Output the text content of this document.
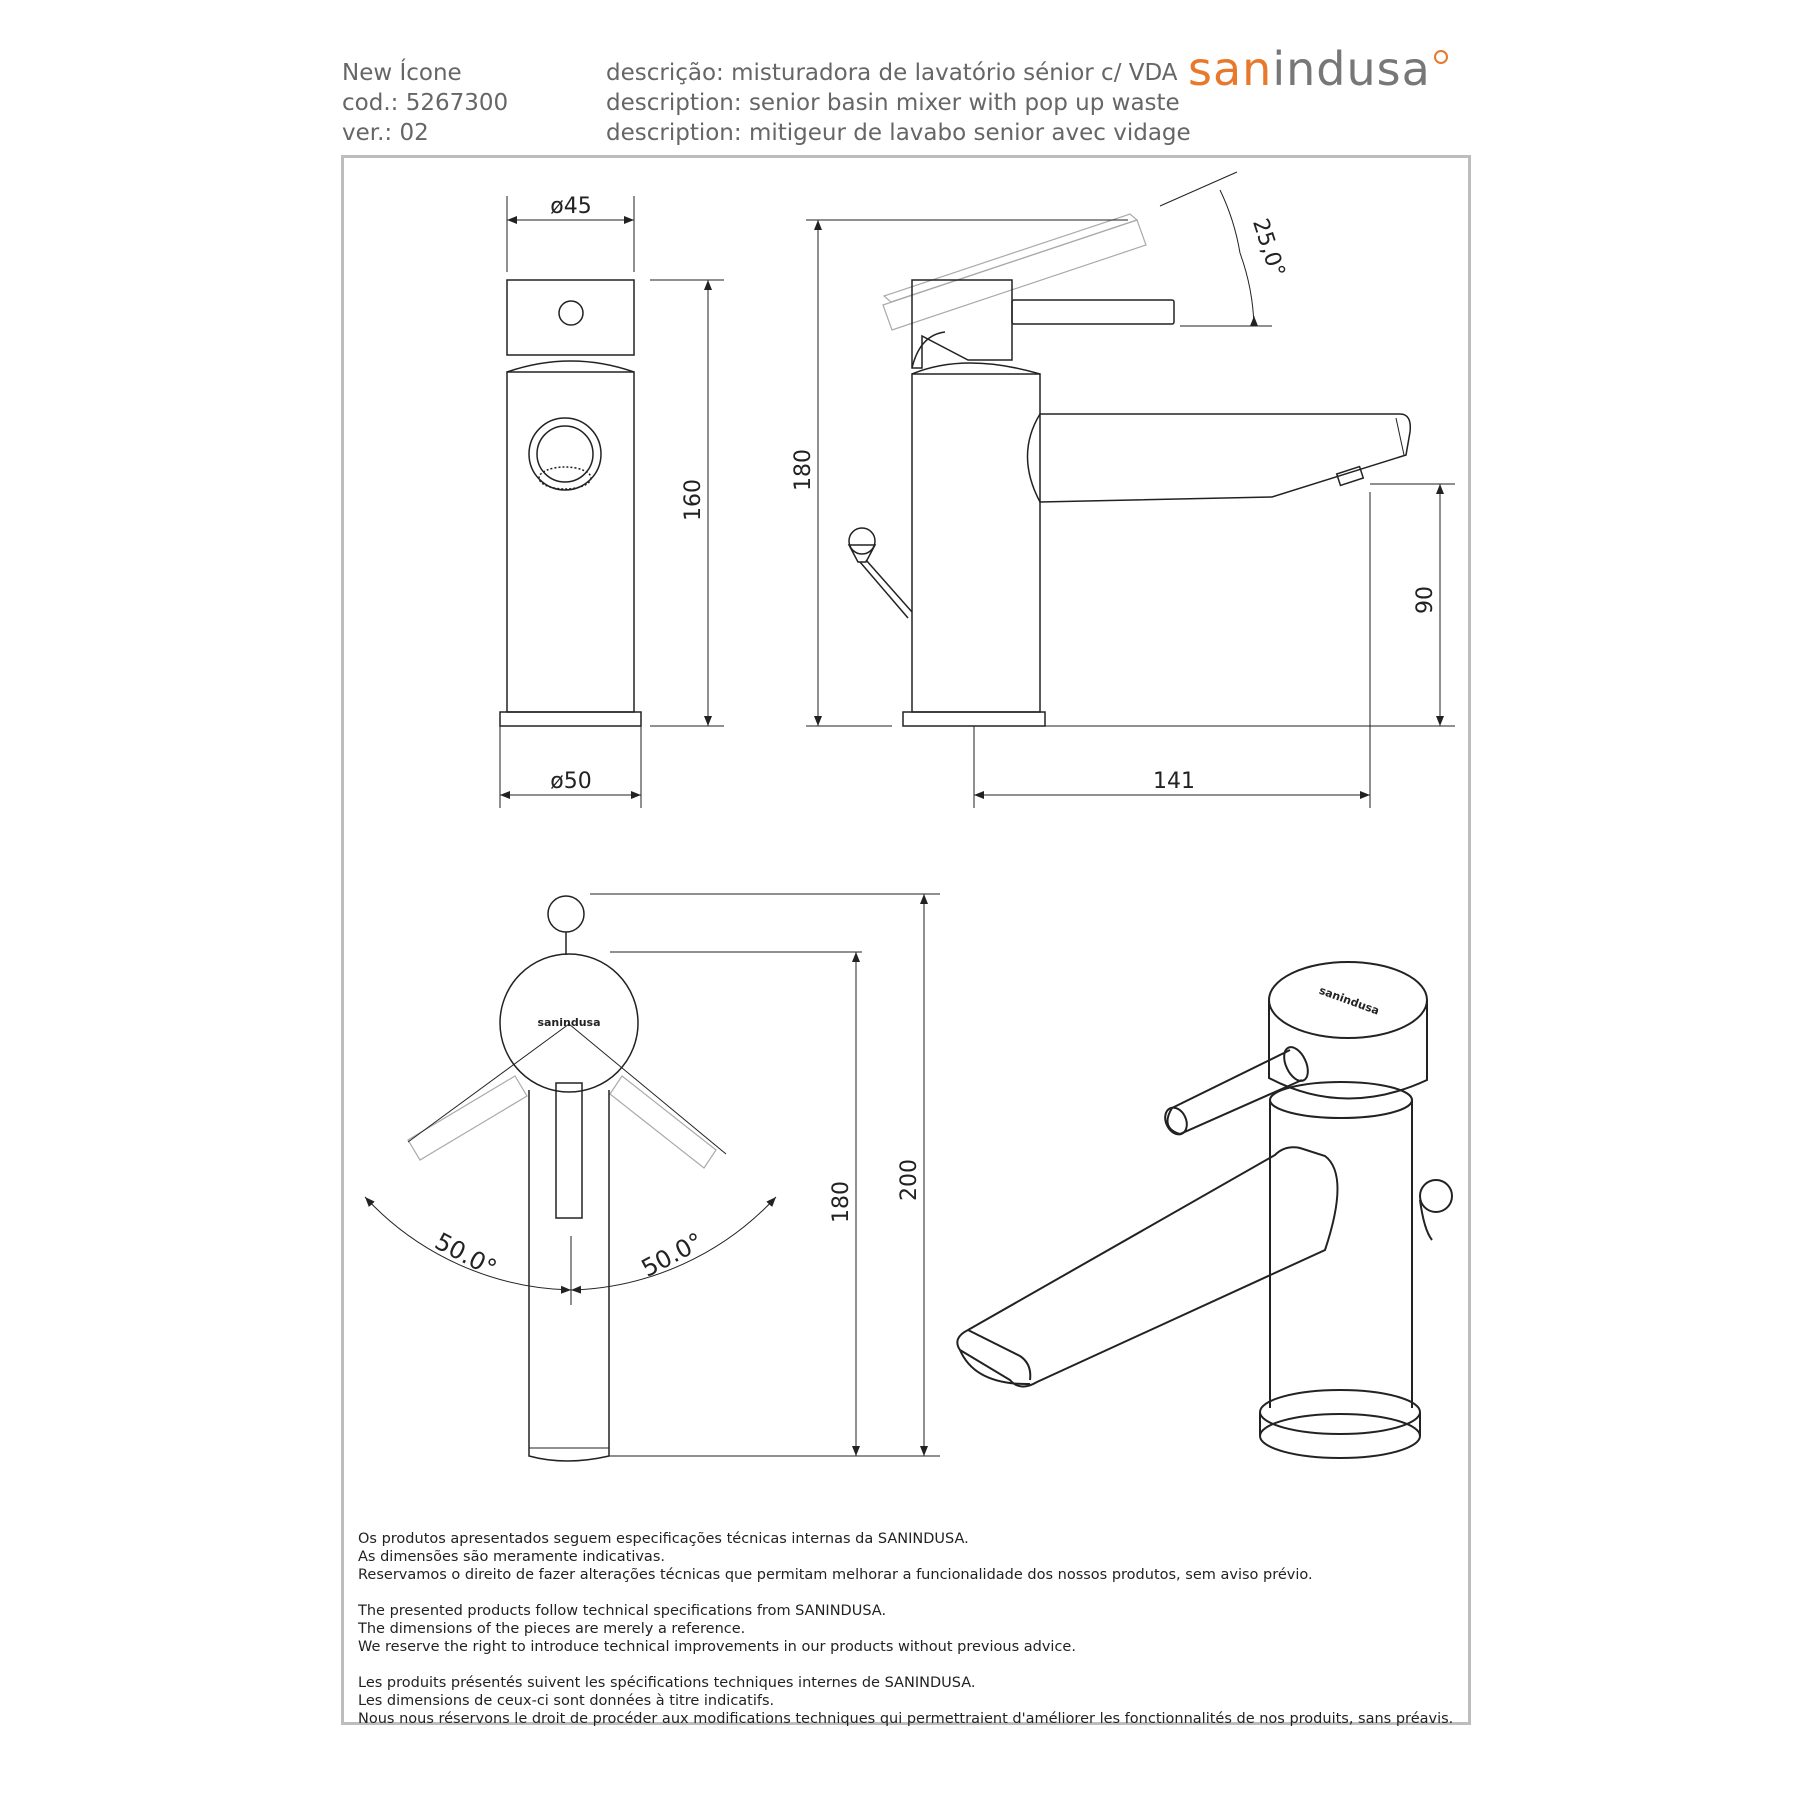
New Ícone
cod.: 5267300
ver.: 02
descrição: misturadora de lavatório sénior c/ VDA
description: senior basin mixer with pop up waste
description: mitigeur de lavabo senior avec vidage
sanindusa
ø45
ø50
160
180
25,0°
90
141
sanindusa
50.0°	50.0°
180
200
sanindusa

Os produtos apresentados seguem especificações técnicas internas da SANINDUSA.
As dimensões são meramente indicativas.
Reservamos o direito de fazer alterações técnicas que permitam melhorar a funcionalidade dos nossos produtos, sem aviso prévio.

The presented products follow technical specifications from SANINDUSA.
The dimensions of the pieces are merely a reference.
We reserve the right to introduce technical improvements in our products without previous advice.

Les produits présentés suivent les spécifications techniques internes de SANINDUSA.
Les dimensions de ceux-ci sont données à titre indicatifs.
Nous nous réservons le droit de procéder aux modifications techniques qui permettraient d'améliorer les fonctionnalités de nos produits, sans préavis.
